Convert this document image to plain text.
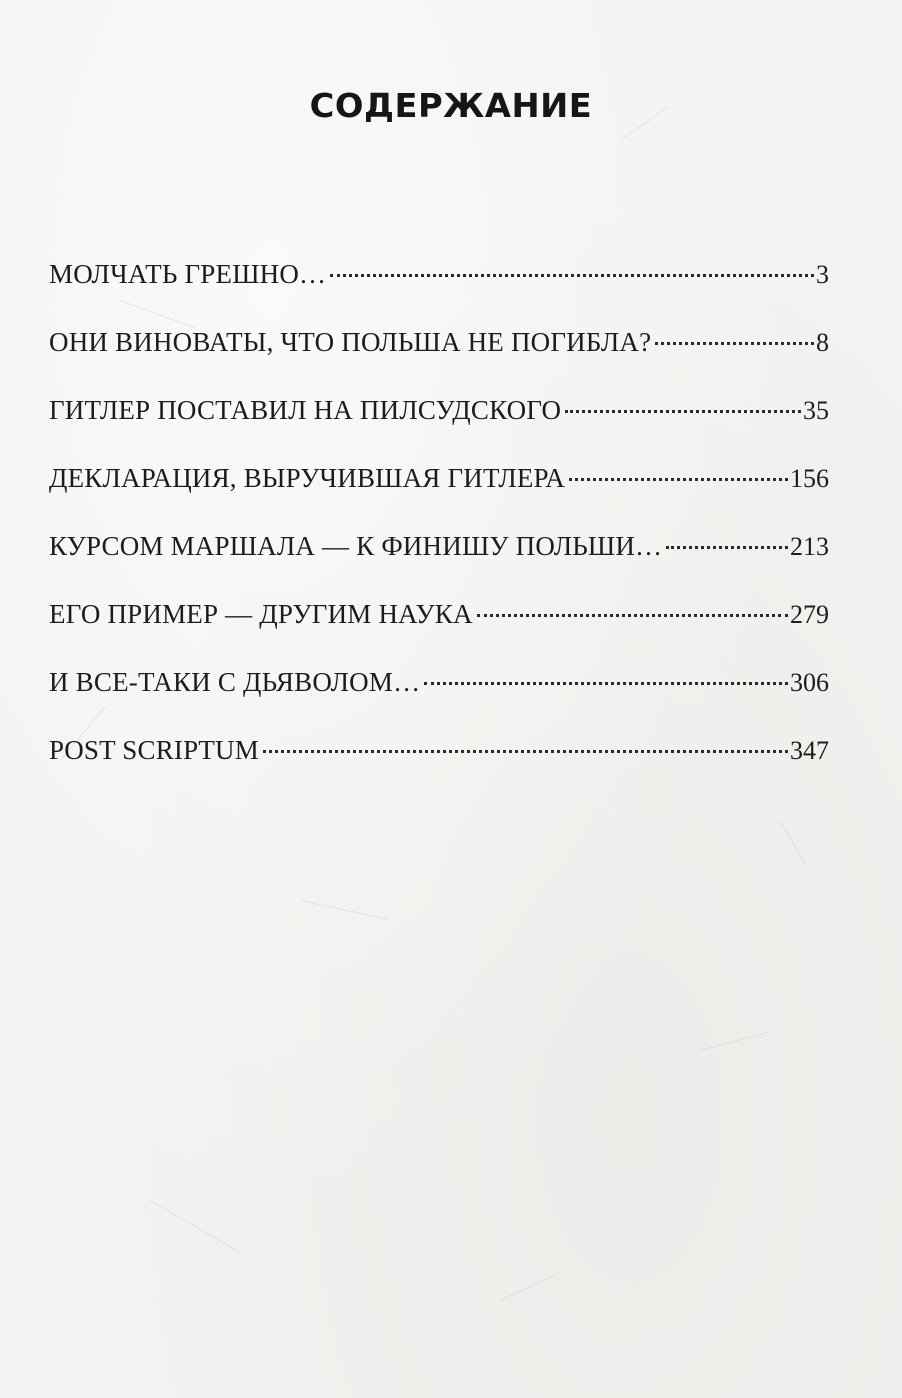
СОДЕРЖАНИЕ
МОЛЧАТЬ ГРЕШНО…	3
ОНИ ВИНОВАТЫ, ЧТО ПОЛЬША НЕ ПОГИБЛА?	8
ГИТЛЕР ПОСТАВИЛ НА ПИЛСУДСКОГО	35
ДЕКЛАРАЦИЯ, ВЫРУЧИВШАЯ ГИТЛЕРА	156
КУРСОМ МАРШАЛА — К ФИНИШУ ПОЛЬШИ…	213
ЕГО ПРИМЕР — ДРУГИМ НАУКА	279
И ВСЕ-ТАКИ С ДЬЯВОЛОМ…	306
POST SCRIPTUM	347
